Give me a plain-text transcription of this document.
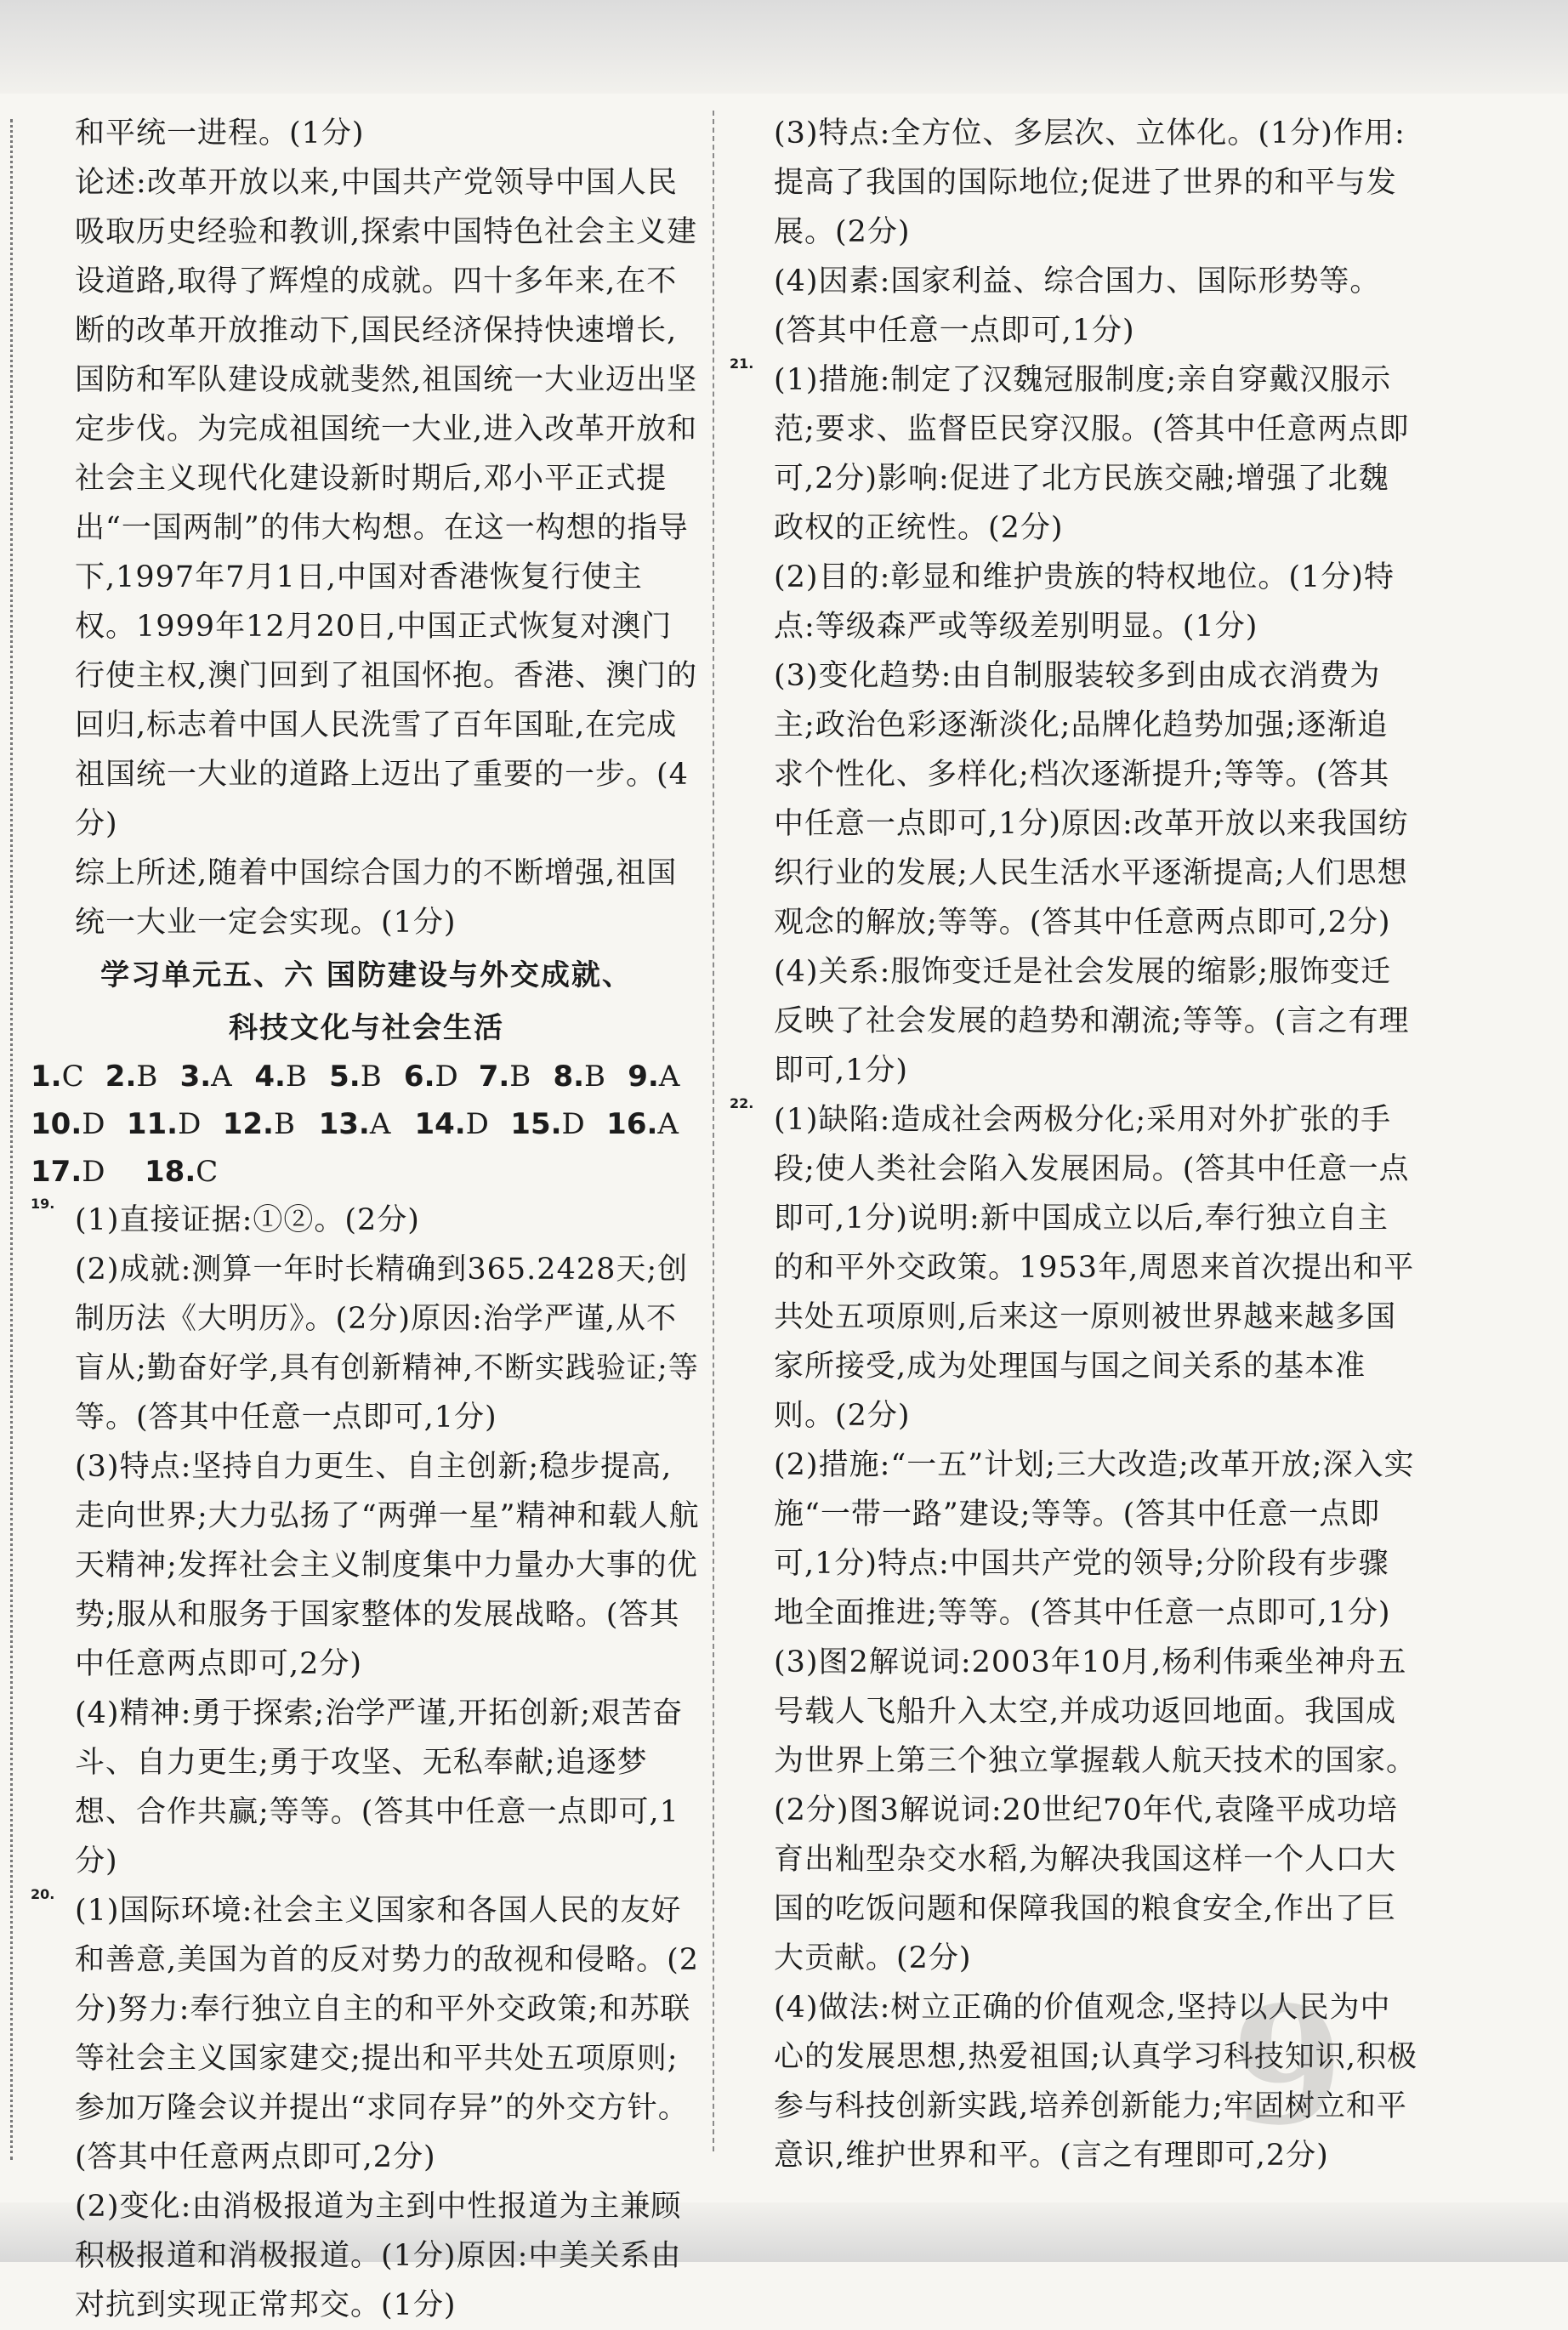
和平统一进程。(1分)

论述:改革开放以来,中国共产党领导中国人民吸取历史经验和教训,探索中国特色社会主义建设道路,取得了辉煌的成就。四十多年来,在不断的改革开放推动下,国民经济保持快速增长,国防和军队建设成就斐然,祖国统一大业迈出坚定步伐。为完成祖国统一大业,进入改革开放和社会主义现代化建设新时期后,邓小平正式提出“一国两制”的伟大构想。在这一构想的指导下,1997年7月1日,中国对香港恢复行使主权。1999年12月20日,中国正式恢复对澳门行使主权,澳门回到了祖国怀抱。香港、澳门的回归,标志着中国人民洗雪了百年国耻,在完成祖国统一大业的道路上迈出了重要的一步。(4分)

综上所述,随着中国综合国力的不断增强,祖国统一大业一定会实现。(1分)

学习单元五、六 国防建设与外交成就、
科技文化与社会生活
1.C 2.B 3.A 4.B 5.B 6.D 7.B 8.B 9.A
10.D 11.D 12.B 13.A 14.D 15.D 16.A
17.D	18.C
19. (1)直接证据:①②。(2分)

(2)成就:测算一年时长精确到365.2428天;创制历法《大明历》。(2分)原因:治学严谨,从不盲从;勤奋好学,具有创新精神,不断实践验证;等等。(答其中任意一点即可,1分)

(3)特点:坚持自力更生、自主创新;稳步提高,走向世界;大力弘扬了“两弹一星”精神和载人航天精神;发挥社会主义制度集中力量办大事的优势;服从和服务于国家整体的发展战略。(答其中任意两点即可,2分)

(4)精神:勇于探索;治学严谨,开拓创新;艰苦奋斗、自力更生;勇于攻坚、无私奉献;追逐梦想、合作共赢;等等。(答其中任意一点即可,1分)

20. (1)国际环境:社会主义国家和各国人民的友好和善意,美国为首的反对势力的敌视和侵略。(2分)努力:奉行独立自主的和平外交政策;和苏联等社会主义国家建交;提出和平共处五项原则;参加万隆会议并提出“求同存异”的外交方针。(答其中任意两点即可,2分)

(2)变化:由消极报道为主到中性报道为主兼顾积极报道和消极报道。(1分)原因:中美关系由对抗到实现正常邦交。(1分)

(3)特点:全方位、多层次、立体化。(1分)作用:提高了我国的国际地位;促进了世界的和平与发展。(2分)

(4)因素:国家利益、综合国力、国际形势等。(答其中任意一点即可,1分)

21. (1)措施:制定了汉魏冠服制度;亲自穿戴汉服示范;要求、监督臣民穿汉服。(答其中任意两点即可,2分)影响:促进了北方民族交融;增强了北魏政权的正统性。(2分)

(2)目的:彰显和维护贵族的特权地位。(1分)特点:等级森严或等级差别明显。(1分)

(3)变化趋势:由自制服装较多到由成衣消费为主;政治色彩逐渐淡化;品牌化趋势加强;逐渐追求个性化、多样化;档次逐渐提升;等等。(答其中任意一点即可,1分)原因:改革开放以来我国纺织行业的发展;人民生活水平逐渐提高;人们思想观念的解放;等等。(答其中任意两点即可,2分)

(4)关系:服饰变迁是社会发展的缩影;服饰变迁反映了社会发展的趋势和潮流;等等。(言之有理即可,1分)

22. (1)缺陷:造成社会两极分化;采用对外扩张的手段;使人类社会陷入发展困局。(答其中任意一点即可,1分)说明:新中国成立以后,奉行独立自主的和平外交政策。1953年,周恩来首次提出和平共处五项原则,后来这一原则被世界越来越多国家所接受,成为处理国与国之间关系的基本准则。(2分)

(2)措施:“一五”计划;三大改造;改革开放;深入实施“一带一路”建设;等等。(答其中任意一点即可,1分)特点:中国共产党的领导;分阶段有步骤地全面推进;等等。(答其中任意一点即可,1分)

(3)图2解说词:2003年10月,杨利伟乘坐神舟五号载人飞船升入太空,并成功返回地面。我国成为世界上第三个独立掌握载人航天技术的国家。(2分)图3解说词:20世纪70年代,袁隆平成功培育出籼型杂交水稻,为解决我国这样一个人口大国的吃饭问题和保障我国的粮食安全,作出了巨大贡献。(2分)

(4)做法:树立正确的价值观念,坚持以人民为中心的发展思想,热爱祖国;认真学习科技知识,积极参与科技创新实践,培养创新能力;牢固树立和平意识,维护世界和平。(言之有理即可,2分)

9
